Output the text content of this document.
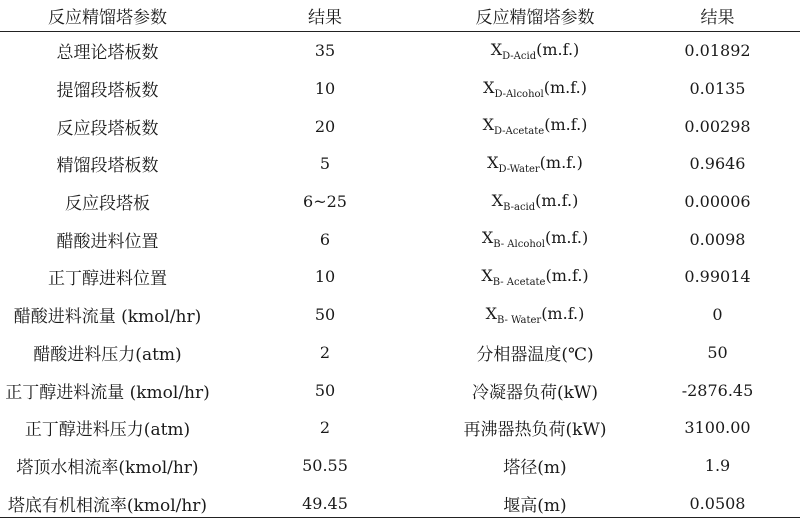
反应精馏塔参数	结果	反应精馏塔参数	结果
总理论塔板数	35	$X_{D-Acid}(m.f.)$	0.01892
提馏段塔板数	10	$X_{D-Alcohol}(m.f.)$	0.0135
反应段塔板数	20	$X_{D-Acetate}(m.f.)$	0.00298
精馏段塔板数	5	$X_{D-Water}(m.f.)$	0.9646
反应段塔板	6~25	$X_{B-acid}(m.f.)$	0.00006
醋酸进料位置	6	$X_{B- Alcohol}(m.f.)$	0.0098
正丁醇进料位置	10	$X_{B- Acetate}(m.f.)$	0.99014
醋酸进料流量 (kmol/hr)	50	$X_{B- Water}(m.f.)$	0
醋酸进料压力(atm)	2	分相器温度(℃)	50
正丁醇进料流量 (kmol/hr)	50	冷凝器负荷(kW)	-2876.45
正丁醇进料压力(atm)	2	再沸器热负荷(kW)	3100.00
塔顶水相流率(kmol/hr)	50.55	塔径(m)	1.9
塔底有机相流率(kmol/hr)	49.45	堰高(m)	0.0508
